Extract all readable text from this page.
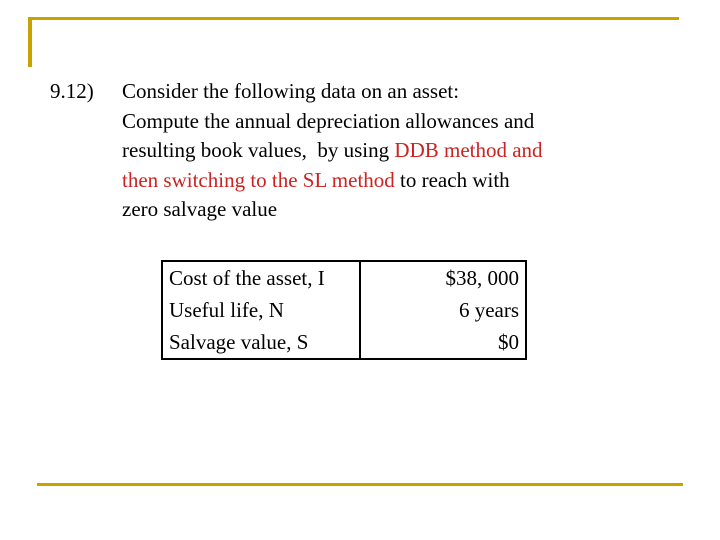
9.12) Consider the following data on an asset:
Compute the annual depreciation allowances and
resulting book values,  by using DDB method and
then switching to the SL method to reach with
zero salvage value
Cost of the asset, I	$38, 000
Useful life, N	6 years
Salvage value, S	$0
